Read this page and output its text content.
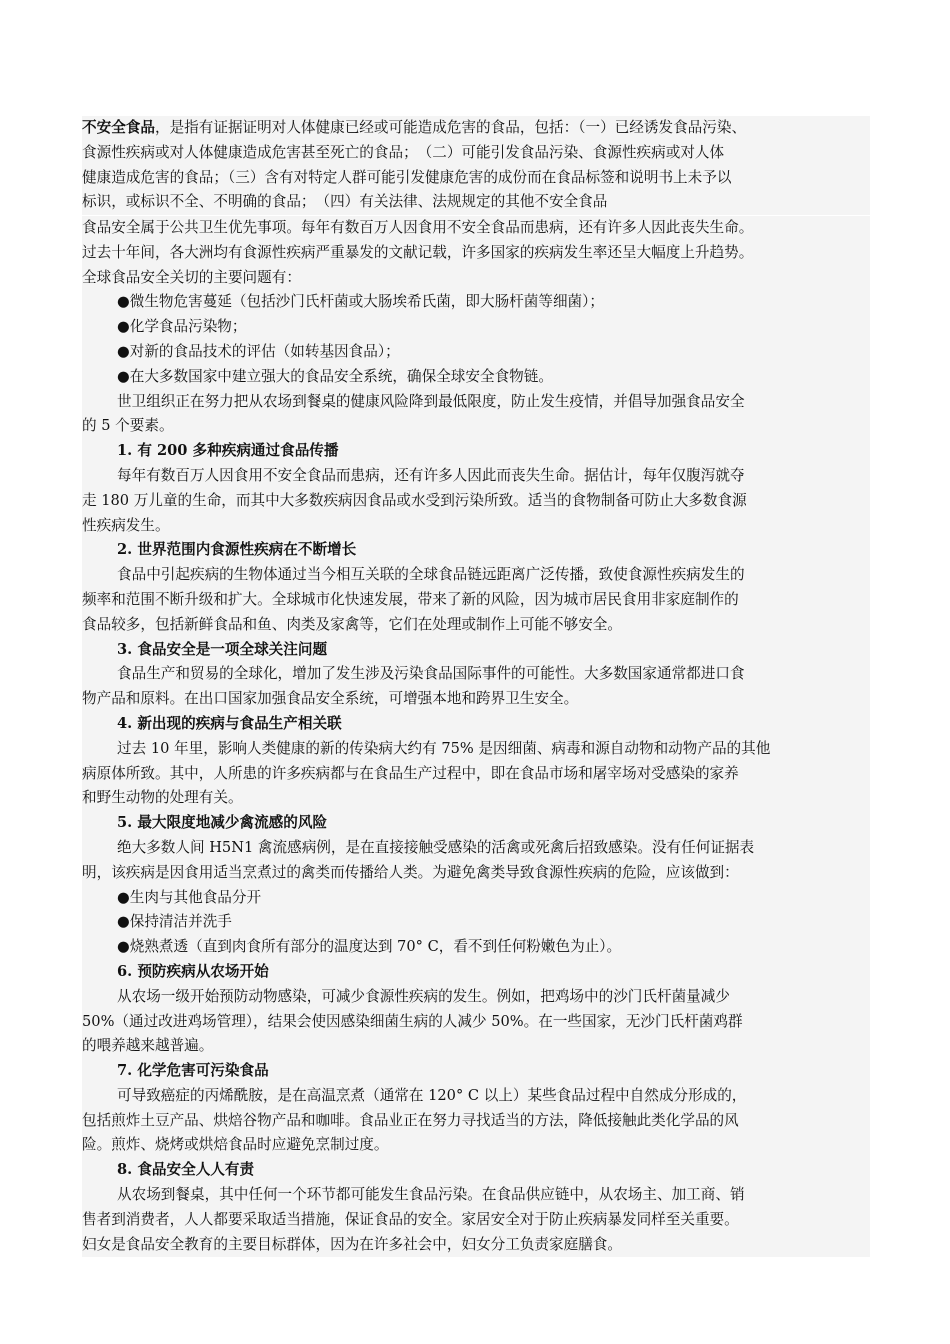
不安全食品，是指有证据证明对人体健康已经或可能造成危害的食品，包括：（一）已经诱发食品污染、
食源性疾病或对人体健康造成危害甚至死亡的食品；　（二）可能引发食品污染、食源性疾病或对人体
健康造成危害的食品；（三）含有对特定人群可能引发健康危害的成份而在食品标签和说明书上未予以
标识，或标识不全、不明确的食品；　（四）有关法律、法规规定的其他不安全食品
食品安全属于公共卫生优先事项。每年有数百万人因食用不安全食品而患病，还有许多人因此丧失生命。
过去十年间，各大洲均有食源性疾病严重暴发的文献记载，许多国家的疾病发生率还呈大幅度上升趋势。
全球食品安全关切的主要问题有：
●微生物危害蔓延（包括沙门氏杆菌或大肠埃希氏菌，即大肠杆菌等细菌）；
●化学食品污染物；
●对新的食品技术的评估（如转基因食品）；
●在大多数国家中建立强大的食品安全系统，确保全球安全食物链。
世卫组织正在努力把从农场到餐桌的健康风险降到最低限度，防止发生疫情，并倡导加强食品安全
的 5 个要素。
1. 有 200 多种疾病通过食品传播
每年有数百万人因食用不安全食品而患病，还有许多人因此而丧失生命。据估计，每年仅腹泻就夺
走 180 万儿童的生命，而其中大多数疾病因食品或水受到污染所致。适当的食物制备可防止大多数食源
性疾病发生。
2. 世界范围内食源性疾病在不断增长
食品中引起疾病的生物体通过当今相互关联的全球食品链远距离广泛传播，致使食源性疾病发生的
频率和范围不断升级和扩大。全球城市化快速发展，带来了新的风险，因为城市居民食用非家庭制作的
食品较多，包括新鲜食品和鱼、肉类及家禽等，它们在处理或制作上可能不够安全。
3. 食品安全是一项全球关注问题
食品生产和贸易的全球化，增加了发生涉及污染食品国际事件的可能性。大多数国家通常都进口食
物产品和原料。在出口国家加强食品安全系统，可增强本地和跨界卫生安全。
4. 新出现的疾病与食品生产相关联
过去 10 年里，影响人类健康的新的传染病大约有 75% 是因细菌、病毒和源自动物和动物产品的其他
病原体所致。其中，人所患的许多疾病都与在食品生产过程中，即在食品市场和屠宰场对受感染的家养
和野生动物的处理有关。
5. 最大限度地减少禽流感的风险
绝大多数人间 H5N1 禽流感病例，是在直接接触受感染的活禽或死禽后招致感染。没有任何证据表
明，该疾病是因食用适当烹煮过的禽类而传播给人类。为避免禽类导致食源性疾病的危险，应该做到：
●生肉与其他食品分开
●保持清洁并洗手
●烧熟煮透（直到肉食所有部分的温度达到 70° C，看不到任何粉嫩色为止）。
6. 预防疾病从农场开始
从农场一级开始预防动物感染，可减少食源性疾病的发生。例如，把鸡场中的沙门氏杆菌量减少
50%（通过改进鸡场管理），结果会使因感染细菌生病的人减少 50%。在一些国家，无沙门氏杆菌鸡群
的喂养越来越普遍。
7. 化学危害可污染食品
可导致癌症的丙烯酰胺，是在高温烹煮（通常在 120° C 以上）某些食品过程中自然成分形成的，
包括煎炸土豆产品、烘焙谷物产品和咖啡。食品业正在努力寻找适当的方法，降低接触此类化学品的风
险。煎炸、烧烤或烘焙食品时应避免烹制过度。
8. 食品安全人人有责
从农场到餐桌，其中任何一个环节都可能发生食品污染。在食品供应链中，从农场主、加工商、销
售者到消费者，人人都要采取适当措施，保证食品的安全。家居安全对于防止疾病暴发同样至关重要。
妇女是食品安全教育的主要目标群体，因为在许多社会中，妇女分工负责家庭膳食。
